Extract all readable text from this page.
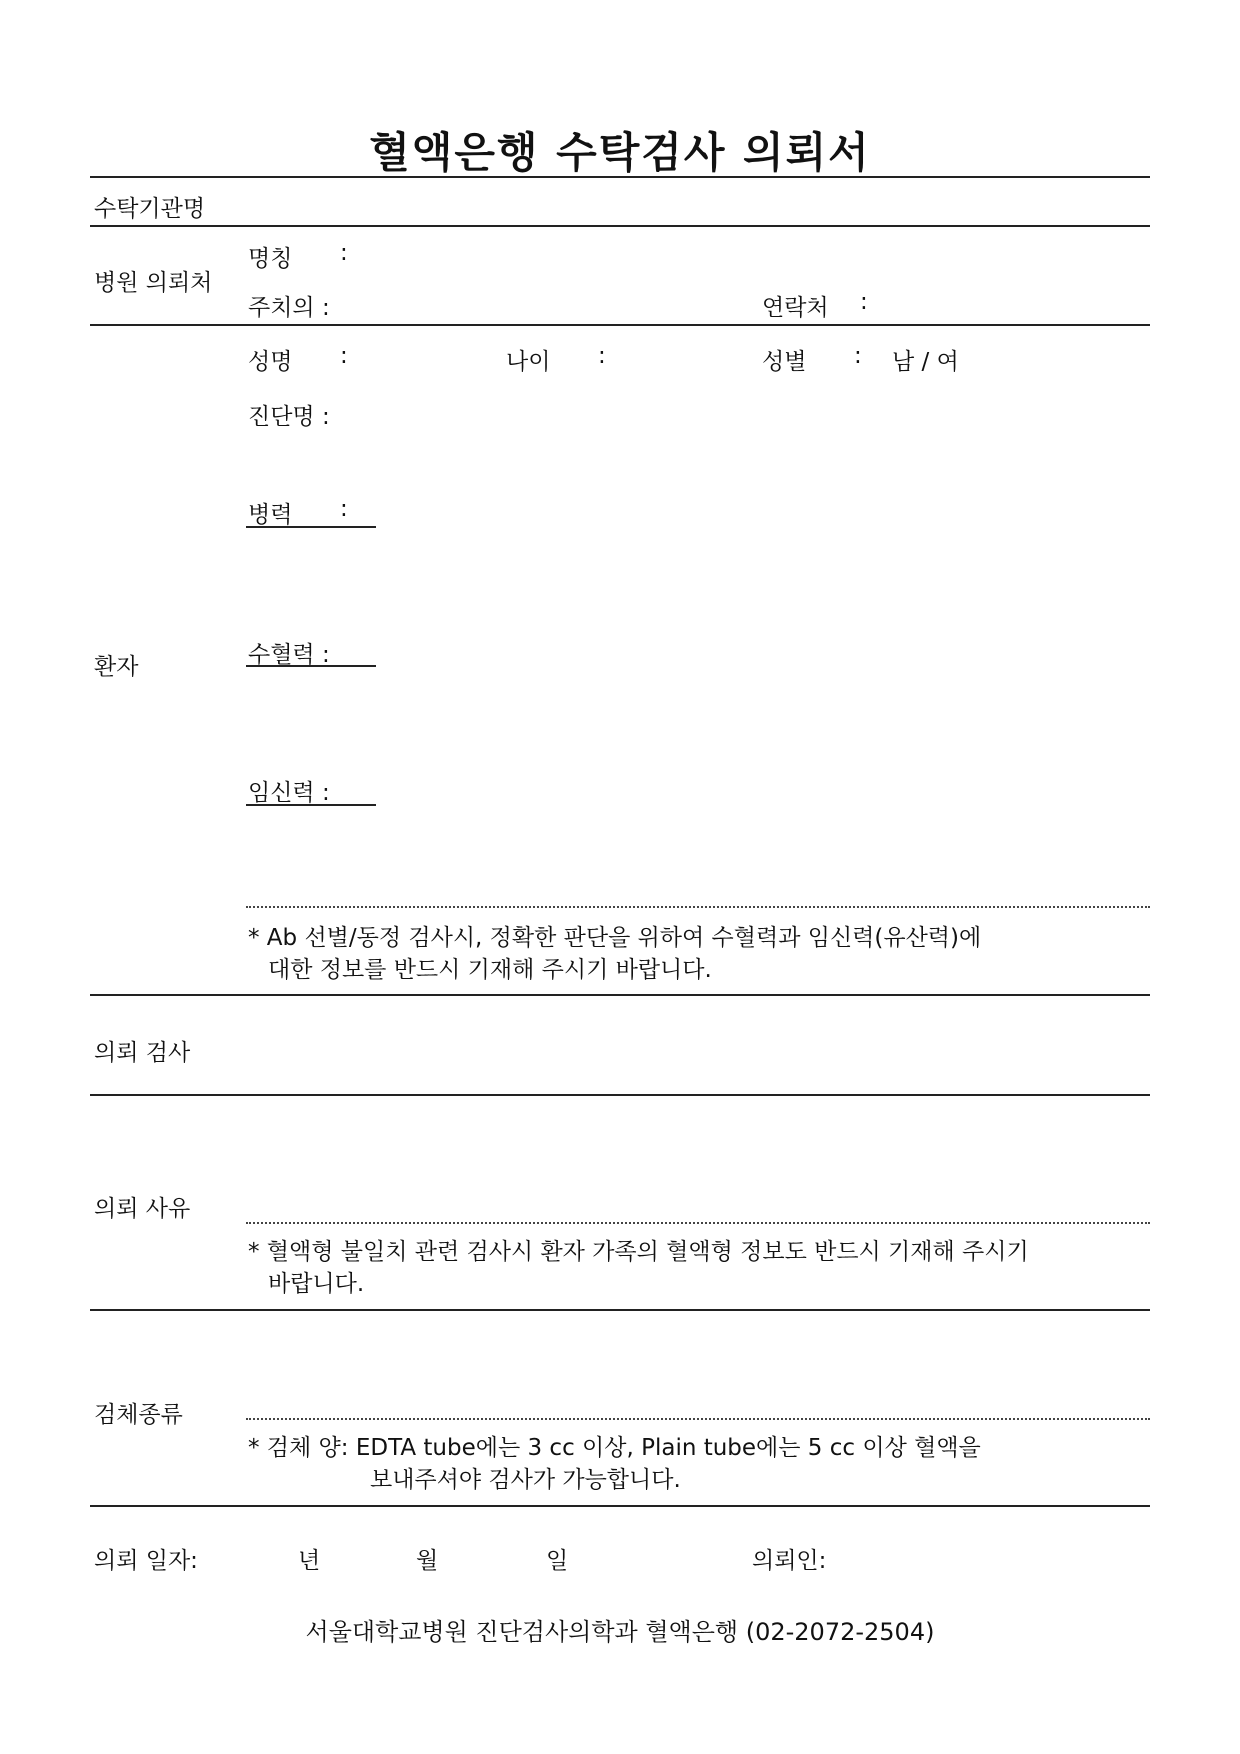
혈액은행 수탁검사 의뢰서
수탁기관명
병원 의뢰처
명칭 :
주치의 :	연락처 :
환자
성명 :	나이 :	성별 : 남 / 여
진단명 :
병력 :
수혈력 :
임신력 :
* Ab 선별/동정 검사시, 정확한 판단을 위하여 수혈력과 임신력(유산력)에
대한 정보를 반드시 기재해 주시기 바랍니다.
의뢰 검사
의뢰 사유
* 혈액형 불일치 관련 검사시 환자 가족의 혈액형 정보도 반드시 기재해 주시기
바랍니다.
검체종류
* 검체 양: EDTA tube에는 3 cc 이상, Plain tube에는 5 cc 이상 혈액을
보내주셔야 검사가 가능합니다.
의뢰 일자:	년	월	일	의뢰인:
서울대학교병원 진단검사의학과 혈액은행 (02-2072-2504)
